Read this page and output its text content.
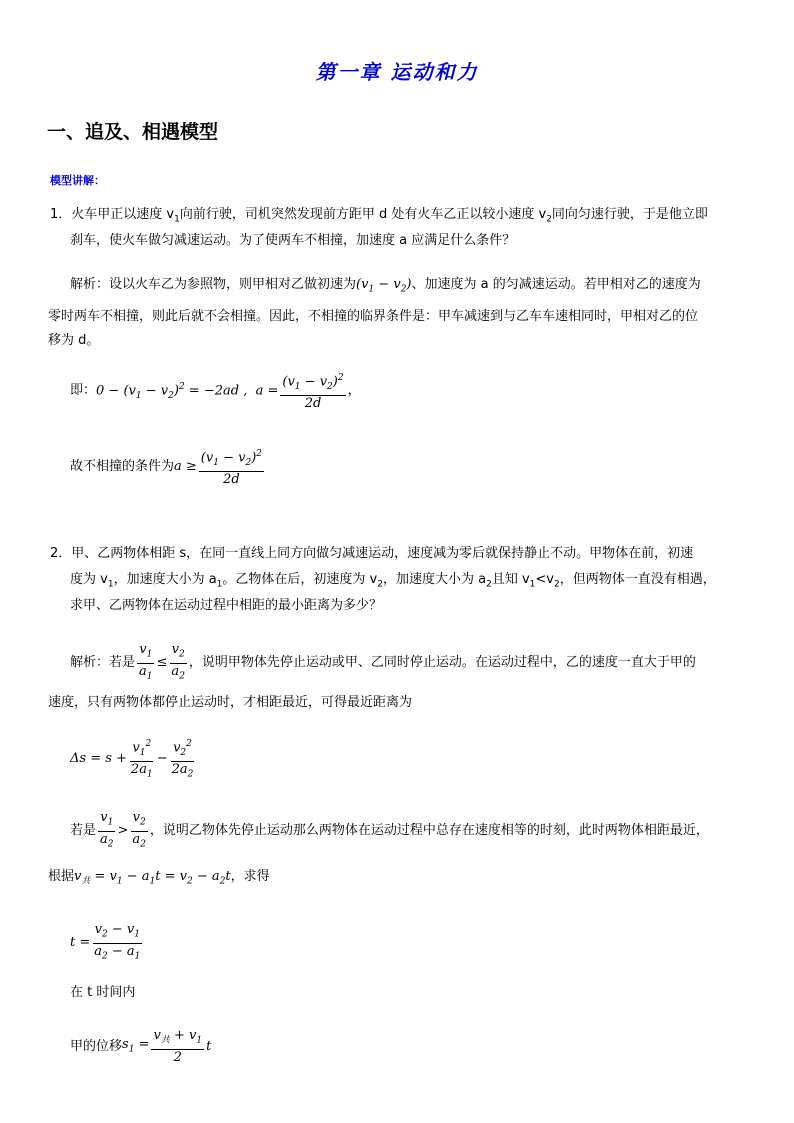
第一章 运动和力
一、追及、相遇模型
模型讲解：
1．火车甲正以速度 $v_1$向前行驶，司机突然发现前方距甲 d 处有火车乙正以较小速度 $v_2$同向匀速行驶，于是他立即
刹车，使火车做匀减速运动。为了使两车不相撞，加速度 a 应满足什么条件？
解析：设以火车乙为参照物，则甲相对乙做初速为$(v_1 - v_2)$、加速度为 a 的匀减速运动。若甲相对乙的速度为
零时两车不相撞，则此后就不会相撞。因此，不相撞的临界条件是：甲车减速到与乙车车速相同时，甲相对乙的位
移为 d。
即： $0 - (v_1 - v_2)^2 = -2ad$ ,  $a = \frac{(v_1 - v_2)^2}{2d}$ ，
故不相撞的条件为 $a \ge \frac{(v_1 - v_2)^2}{2d}$
2．甲、乙两物体相距 s，在同一直线上同方向做匀减速运动，速度减为零后就保持静止不动。甲物体在前，初速
度为 $v_1$，加速度大小为 $a_1$。乙物体在后，初速度为 $v_2$，加速度大小为 $a_2$且知 $v_1<v_2$，但两物体一直没有相遇，
求甲、乙两物体在运动过程中相距的最小距离为多少？
解析：若是 $\frac{v_1}{a_1} \le \frac{v_2}{a_2}$ ，说明甲物体先停止运动或甲、乙同时停止运动。在运动过程中，乙的速度一直大于甲的
速度，只有两物体都停止运动时，才相距最近，可得最近距离为
$\Delta s = s + \frac{v_1^2}{2a_1} - \frac{v_2^2}{2a_2}$
若是 $\frac{v_1}{a_2} > \frac{v_2}{a_2}$ ，说明乙物体先停止运动那么两物体在运动过程中总存在速度相等的时刻，此时两物体相距最近，
根据$v_共 = v_1 - a_1t = v_2 - a_2t$，求得
$t = \frac{v_2 - v_1}{a_2 - a_1}$
在 t 时间内
甲的位移 $s_1 = \frac{v_共 + v_1}{2}$ t
